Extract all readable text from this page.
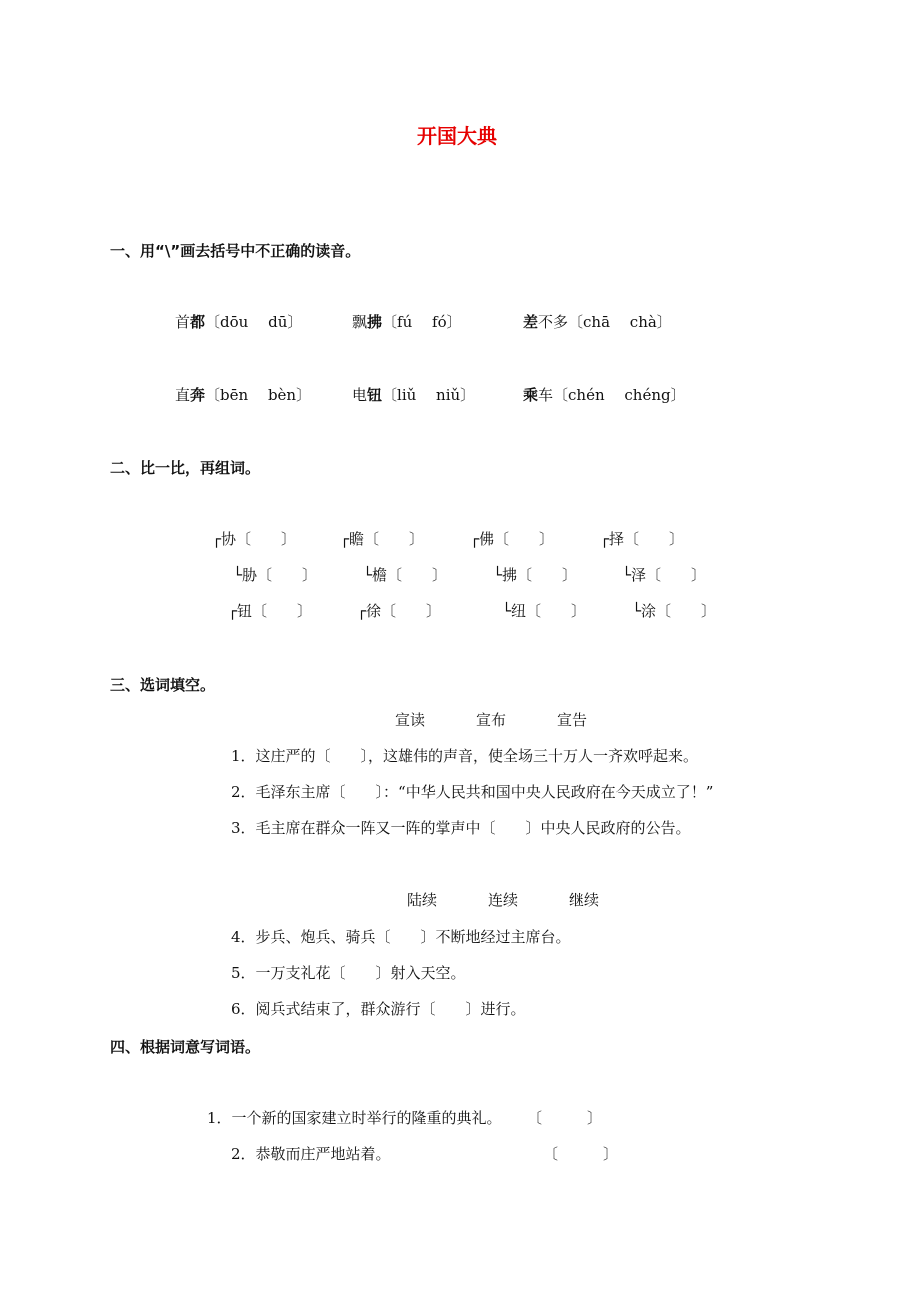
开国大典
一、用“\”画去括号中不正确的读音。
首都〔dōu　 dū〕	飘拂〔fú　 fó〕	差不多〔chā　 chà〕
直奔〔bēn　 bèn〕	电钮〔liǔ　 niǔ〕	乘车〔chén　 chéng〕
二、比一比，再组词。
┌协〔　　〕	┌瞻〔　　〕	┌佛〔　　〕	┌择〔　　〕
└胁〔　　〕	└檐〔　　〕	└拂〔　　〕	└泽〔　　〕
┌钮〔　　〕	┌徐〔　　〕	└纽〔　　〕	└涂〔　　〕
三、选词填空。
宣读	宣布	宣告
1．这庄严的〔　　〕，这雄伟的声音，使全场三十万人一齐欢呼起来。
2．毛泽东主席〔　　〕：“中华人民共和国中央人民政府在今天成立了！”
3．毛主席在群众一阵又一阵的掌声中〔　　〕中央人民政府的公告。
陆续	连续	继续
4．步兵、炮兵、骑兵〔　　〕不断地经过主席台。
5．一万支礼花〔　　〕射入天空。
6．阅兵式结束了，群众游行〔　　〕进行。
四、根据词意写词语。
1．一个新的国家建立时举行的隆重的典礼。 〔　　　〕
2．恭敬而庄严地站着。	〔　　　〕
